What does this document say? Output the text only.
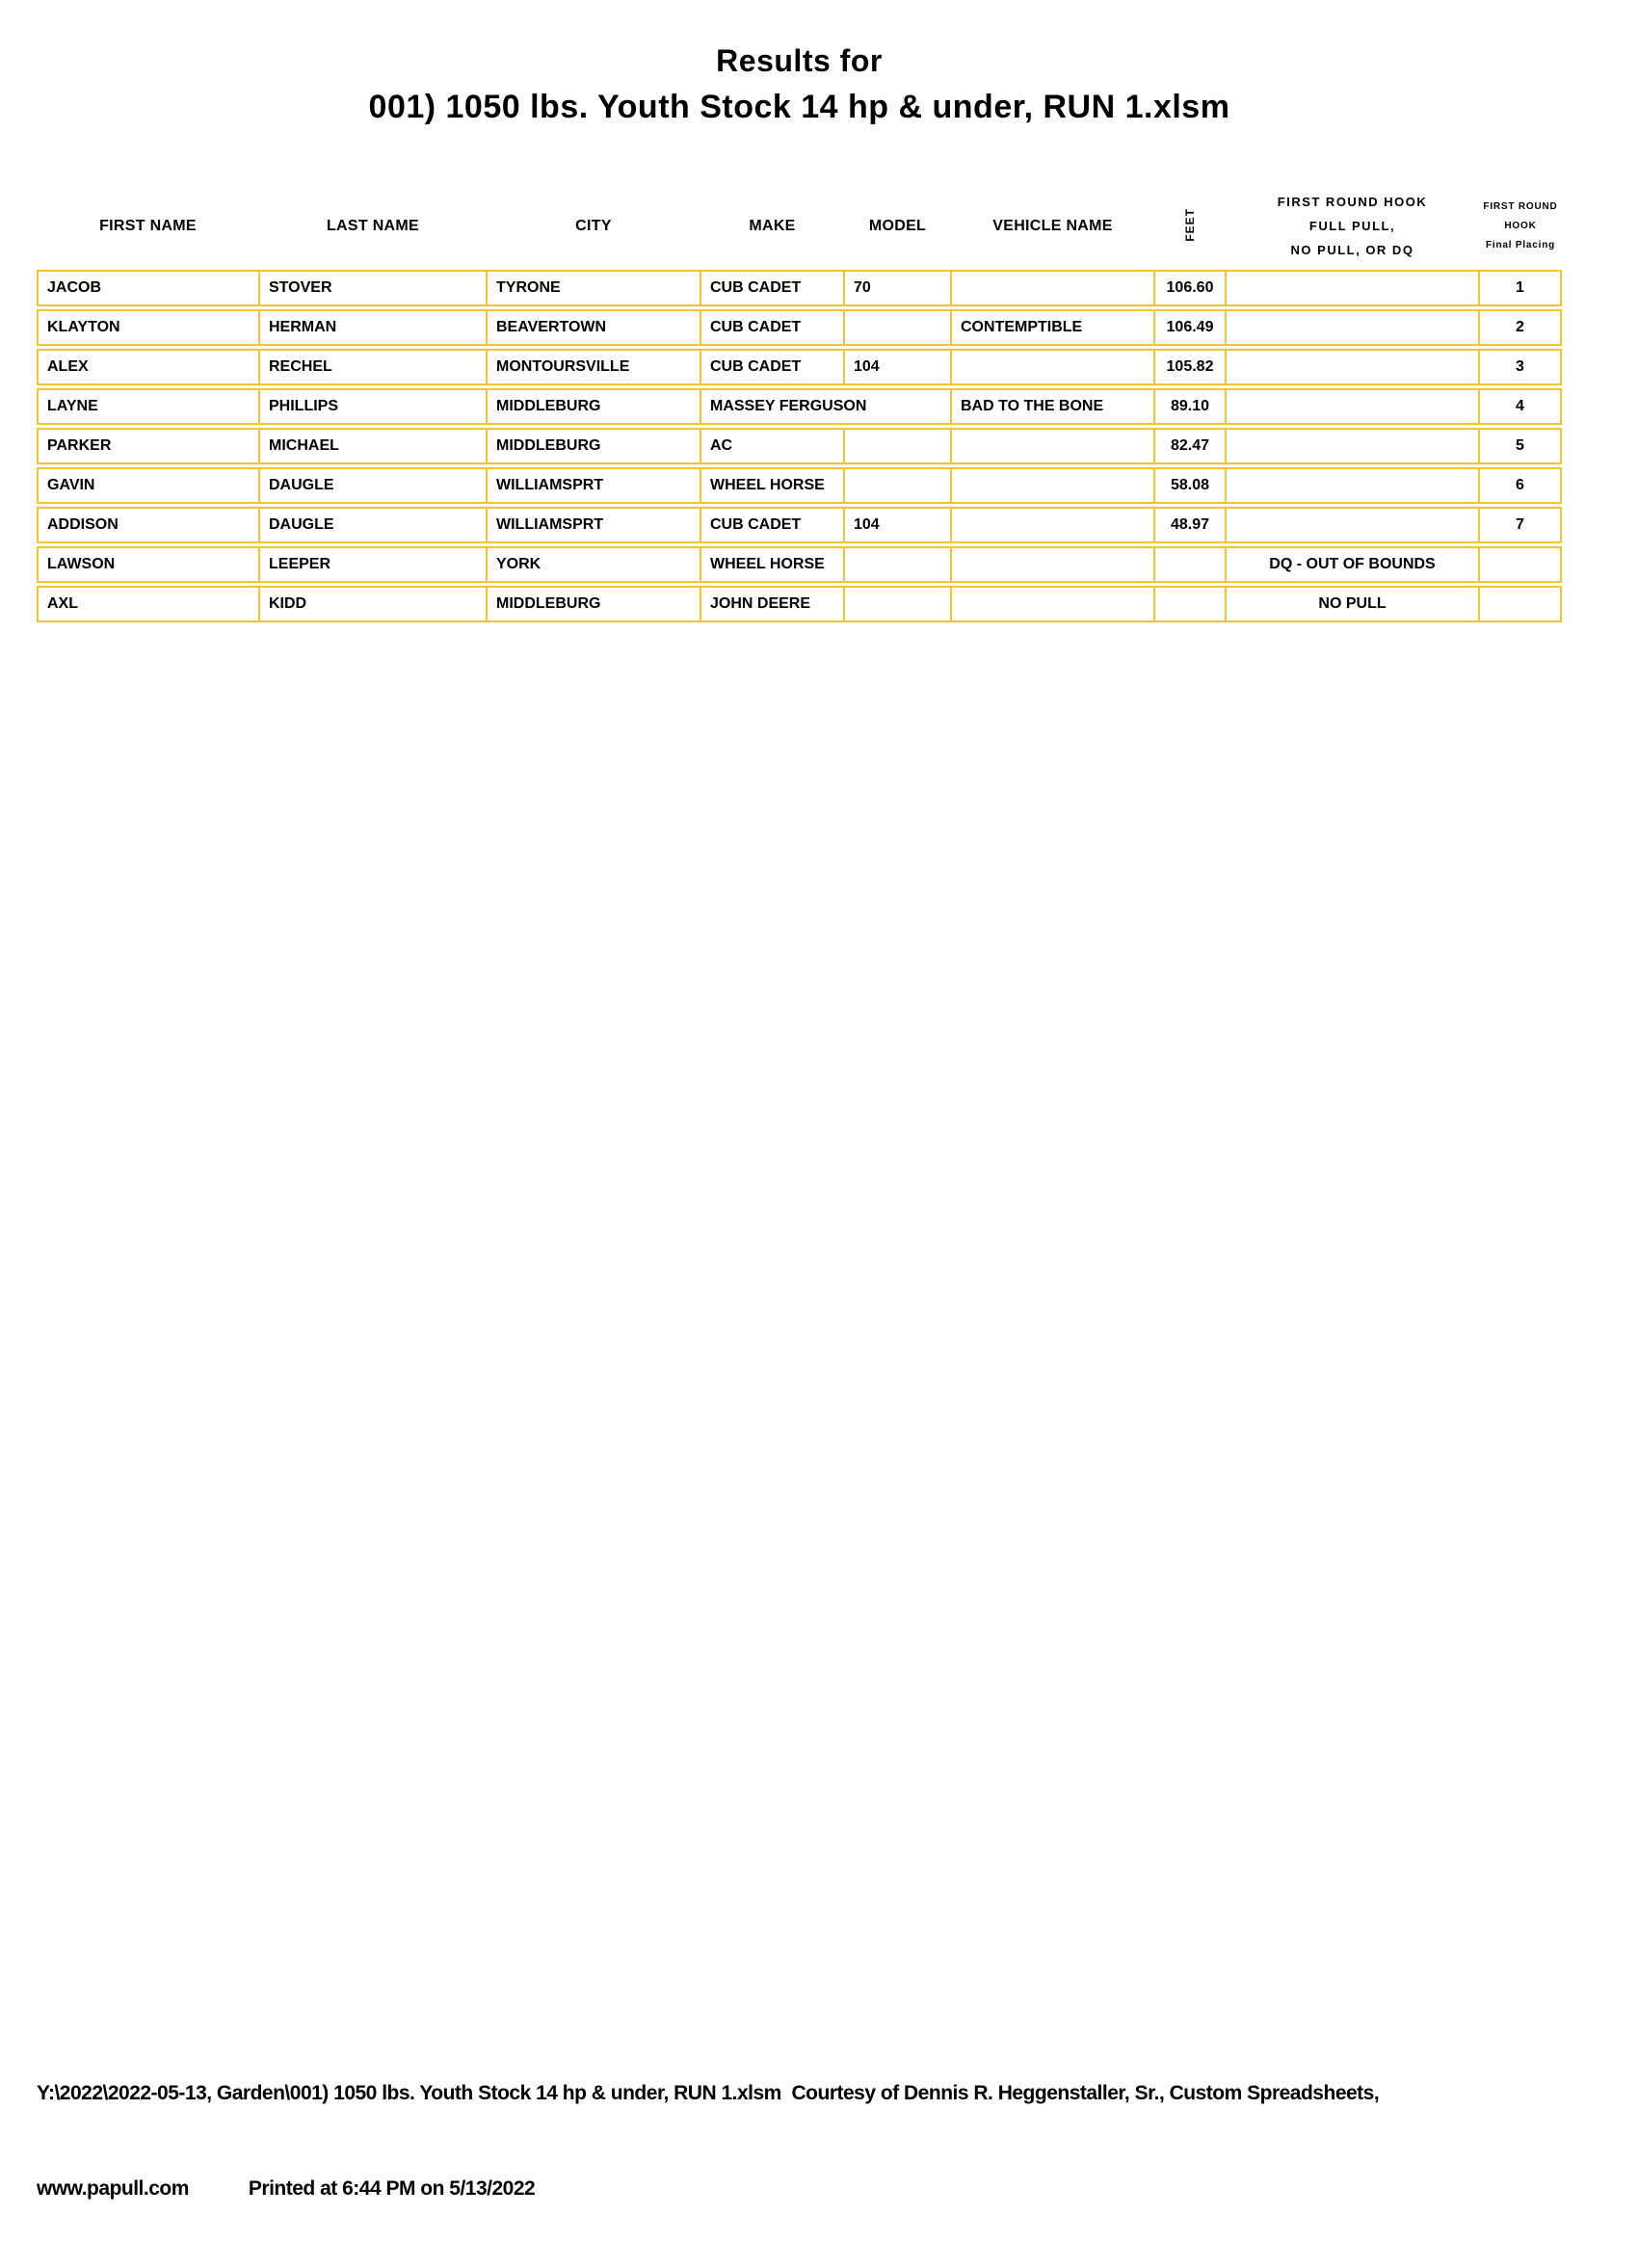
Results for
001) 1050 lbs. Youth Stock 14 hp & under, RUN 1.xlsm
FIRST NAME	LAST NAME	CITY	MAKE	MODEL	VEHICLE NAME	FEET	
FIRST ROUND HOOK
FULL PULL,
NO PULL, OR DQ

FIRST ROUND
HOOK
Final Placing

JACOB	STOVER	TYRONE	CUB CADET	70		106.60		1
KLAYTON	HERMAN	BEAVERTOWN	CUB CADET		CONTEMPTIBLE	106.49		2
ALEX	RECHEL	MONTOURSVILLE	CUB CADET	104		105.82		3
LAYNE	PHILLIPS	MIDDLEBURG	MASSEY FERGUSON		BAD TO THE BONE	89.10		4
PARKER	MICHAEL	MIDDLEBURG	AC			82.47		5
GAVIN	DAUGLE	WILLIAMSPRT	WHEEL HORSE			58.08		6
ADDISON	DAUGLE	WILLIAMSPRT	CUB CADET	104		48.97		7
LAWSON	LEEPER	YORK	WHEEL HORSE				DQ - OUT OF BOUNDS	
AXL	KIDD	MIDDLEBURG	JOHN DEERE				NO PULL	

Y:\2022\2022-05-13, Garden\001) 1050 lbs. Youth Stock 14 hp & under, RUN 1.xlsm  Courtesy of Dennis R. Heggenstaller, Sr., Custom Spreadsheets,

www.papull.com	Printed at 6:44 PM on 5/13/2022
